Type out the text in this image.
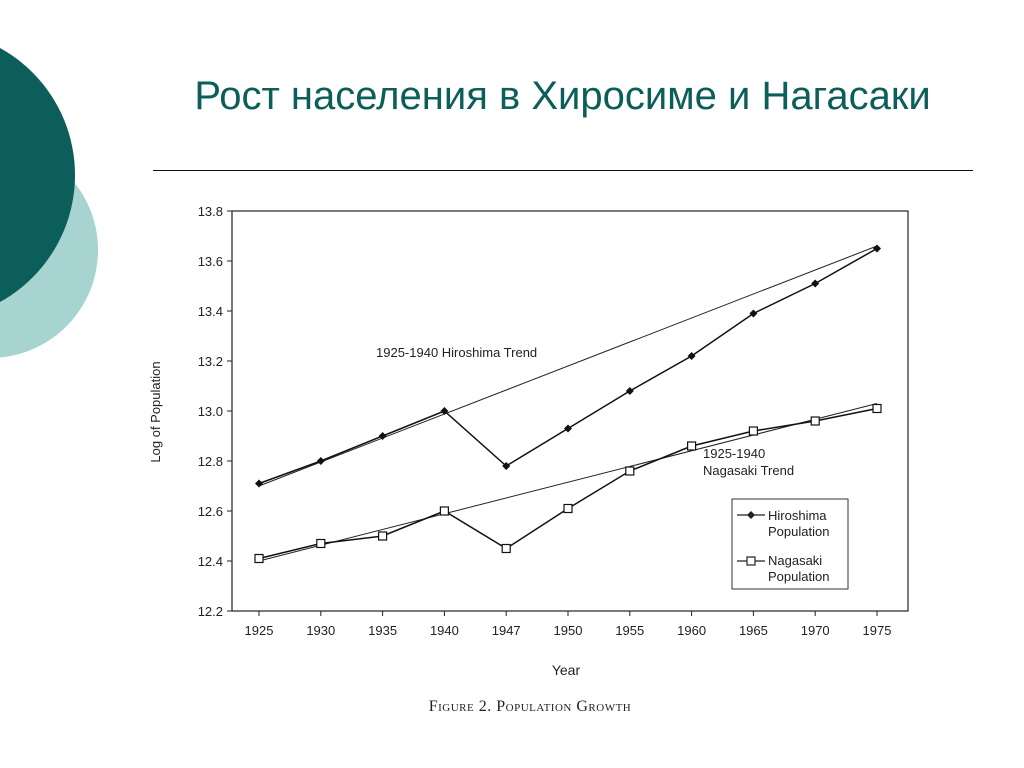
Рост населения в Хиросиме и Нагасаки
12.2
12.4
12.6
12.8
13.0
13.2
13.4
13.6
13.8
1925	1930	1935	1940	1947	1950	1955	1960	1965	1970	1975
Log of Population
Year
1925-1940 Hiroshima Trend
1925-1940
Nagasaki Trend
Hiroshima
Population
Nagasaki
Population
Figure 2. Population Growth
